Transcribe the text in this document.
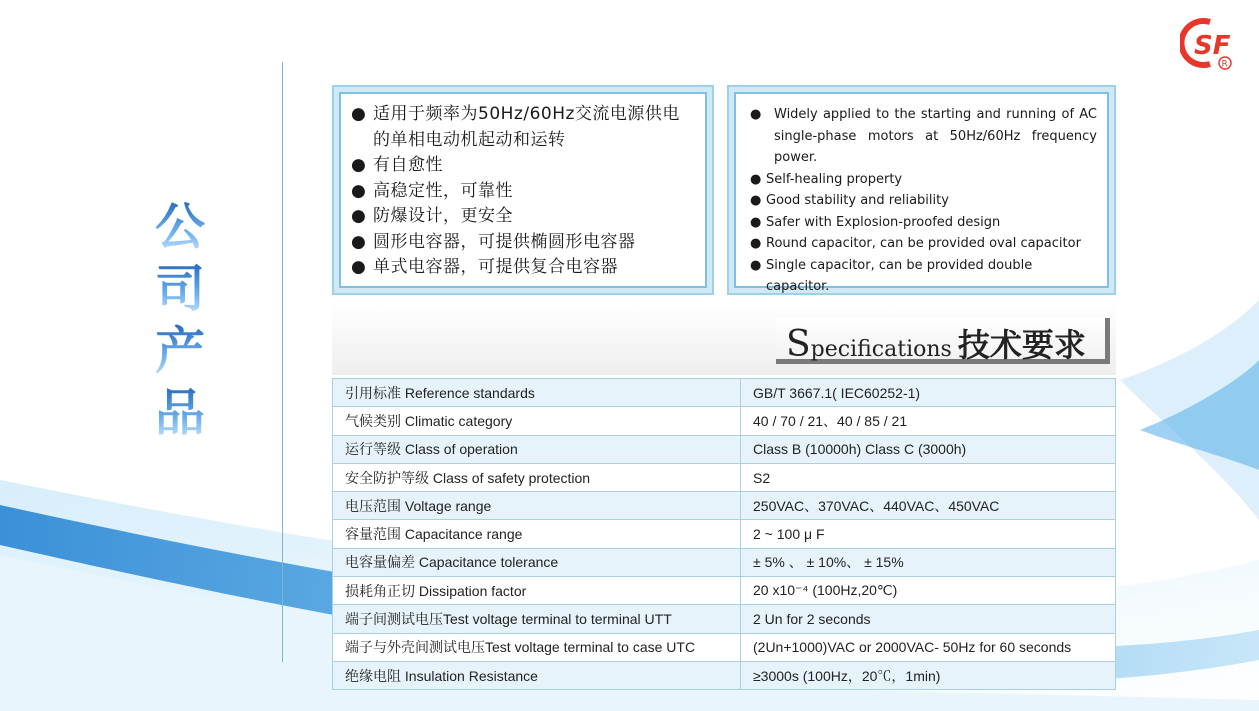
SF
R
公
司
产
品
● 适用于频率为50Hz/60Hz交流电源供电的单相电动机起动和运转
● 有自愈性
● 高稳定性，可靠性
● 防爆设计，更安全
● 圆形电容器，可提供椭圆形电容器
● 单式电容器，可提供复合电容器
● Widely applied to the starting and running of AC single-phase motors at 50Hz/60Hz frequency power.
● Self-healing property
● Good stability and reliability
● Safer with Explosion-proofed design
● Round capacitor, can be provided oval capacitor
● Single capacitor, can be provided double capacitor.
Specifications 技术要求
引用标准 Reference standards	GB/T 3667.1( IEC60252-1)
气候类别 Climatic category	40 / 70 / 21、40 / 85 / 21
运行等级 Class of operation	Class B (10000h) Class C (3000h)
安全防护等级 Class of safety protection	S2
电压范围 Voltage range	250VAC、370VAC、440VAC、450VAC
容量范围 Capacitance range	2 ~ 100 μ F
电容量偏差 Capacitance tolerance	± 5% 、 ± 10%、 ± 15%
损耗角正切 Dissipation factor	20 x10⁻⁴ (100Hz,20℃)
端子间测试电压Test voltage terminal to terminal UTT	2 Un for 2 seconds
端子与外壳间测试电压Test voltage terminal to case UTC	(2Un+1000)VAC or 2000VAC- 50Hz for 60 seconds
绝缘电阻 Insulation Resistance	≥3000s (100Hz，20℃，1min)
